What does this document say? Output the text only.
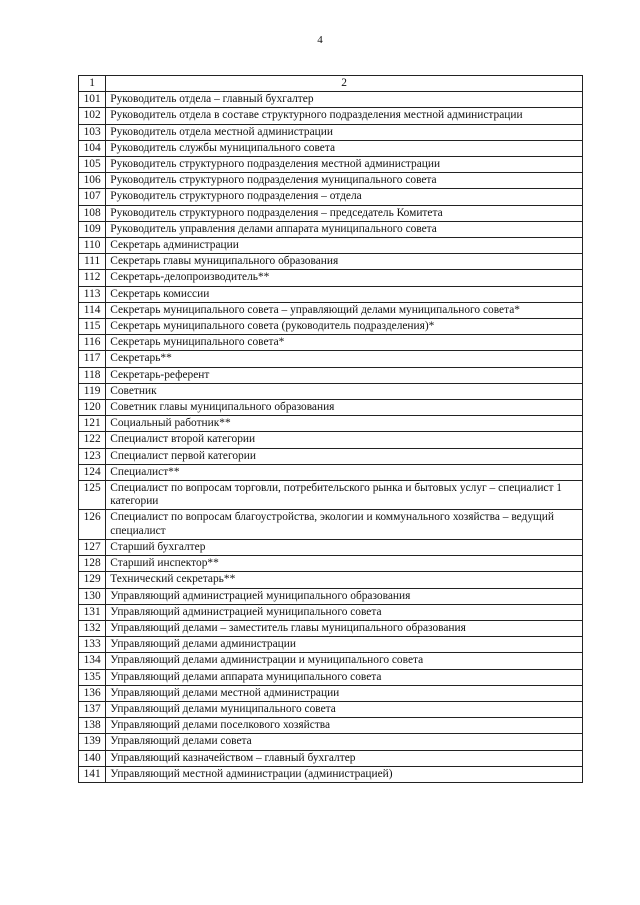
4
1	2
101	Руководитель отдела – главный бухгалтер
102	Руководитель отдела в составе структурного подразделения местной администрации
103	Руководитель отдела местной администрации
104	Руководитель службы муниципального совета
105	Руководитель структурного подразделения местной администрации
106	Руководитель структурного подразделения муниципального совета
107	Руководитель структурного подразделения – отдела
108	Руководитель структурного подразделения – председатель Комитета
109	Руководитель управления делами аппарата муниципального совета
110	Секретарь администрации
111	Секретарь главы муниципального образования
112	Секретарь-делопроизводитель**
113	Секретарь комиссии
114	Секретарь муниципального совета – управляющий делами муниципального совета*
115	Секретарь муниципального совета (руководитель подразделения)*
116	Секретарь муниципального совета*
117	Секретарь**
118	Секретарь-референт
119	Советник
120	Советник главы муниципального образования
121	Социальный работник**
122	Специалист второй категории
123	Специалист первой категории
124	Специалист**
125	Специалист по вопросам торговли, потребительского рынка и бытовых услуг – специалист 1 категории
126	Специалист по вопросам благоустройства, экологии и коммунального хозяйства – ведущий специалист
127	Старший бухгалтер
128	Старший инспектор**
129	Технический секретарь**
130	Управляющий администрацией муниципального образования
131	Управляющий администрацией муниципального совета
132	Управляющий делами – заместитель главы муниципального образования
133	Управляющий делами администрации
134	Управляющий делами администрации и муниципального совета
135	Управляющий делами аппарата муниципального совета
136	Управляющий делами местной администрации
137	Управляющий делами муниципального совета
138	Управляющий делами поселкового хозяйства
139	Управляющий делами совета
140	Управляющий казначейством – главный бухгалтер
141	Управляющий местной администрации (администрацией)
